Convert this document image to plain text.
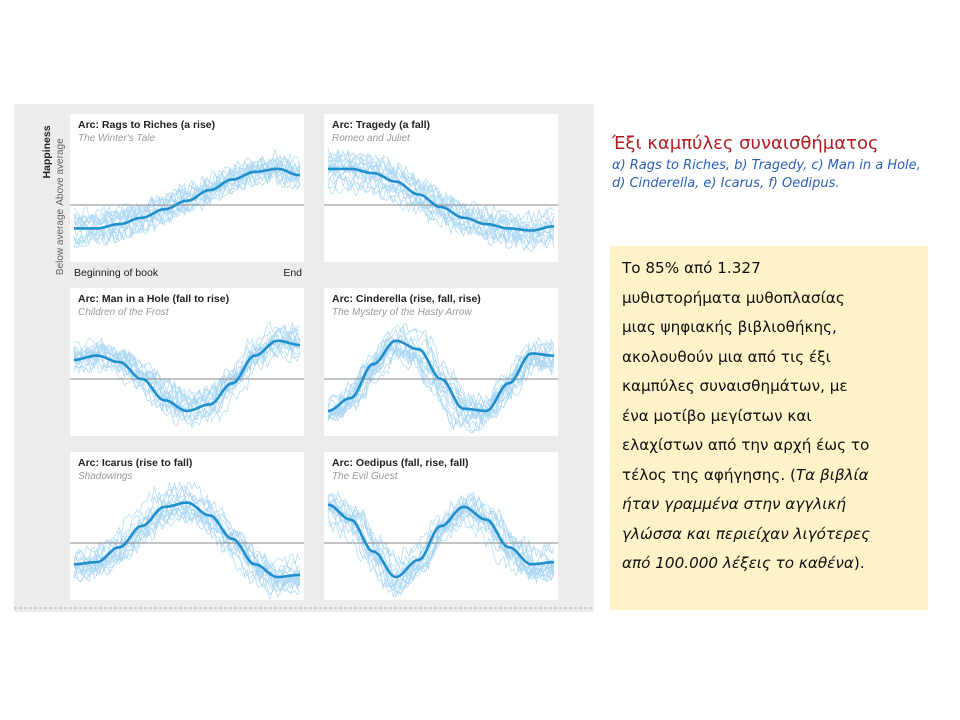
Arc: Rags to Riches (a rise)
The Winter's Tale
Arc: Tragedy (a fall)
Romeo and Juliet
Arc: Man in a Hole (fall to rise)
Children of the Frost
Arc: Cinderella (rise, fall, rise)
The Mystery of the Hasty Arrow
Arc: Icarus (rise to fall)
Shadowings
Arc: Oedipus (fall, rise, fall)
The Evil Guest
Happiness Above average
Below average Beginning of book	End
Έξι καμπύλες συναισθήματος
α) Rags to Riches, b) Tragedy, c) Man in a Hole, d) Cinderella, e) Icarus, f) Oedipus.
Το 85% από 1.327
μυθιστορήματα μυθοπλασίας
μιας ψηφιακής βιβλιοθήκης,
ακολουθούν μια από τις έξι
καμπύλες συναισθημάτων, με
ένα μοτίβο μεγίστων και
ελαχίστων από την αρχή έως το
τέλος της αφήγησης. (Τα βιβλία
ήταν γραμμένα στην αγγλική
γλώσσα και περιείχαν λιγότερες
από 100.000 λέξεις το καθένα).
